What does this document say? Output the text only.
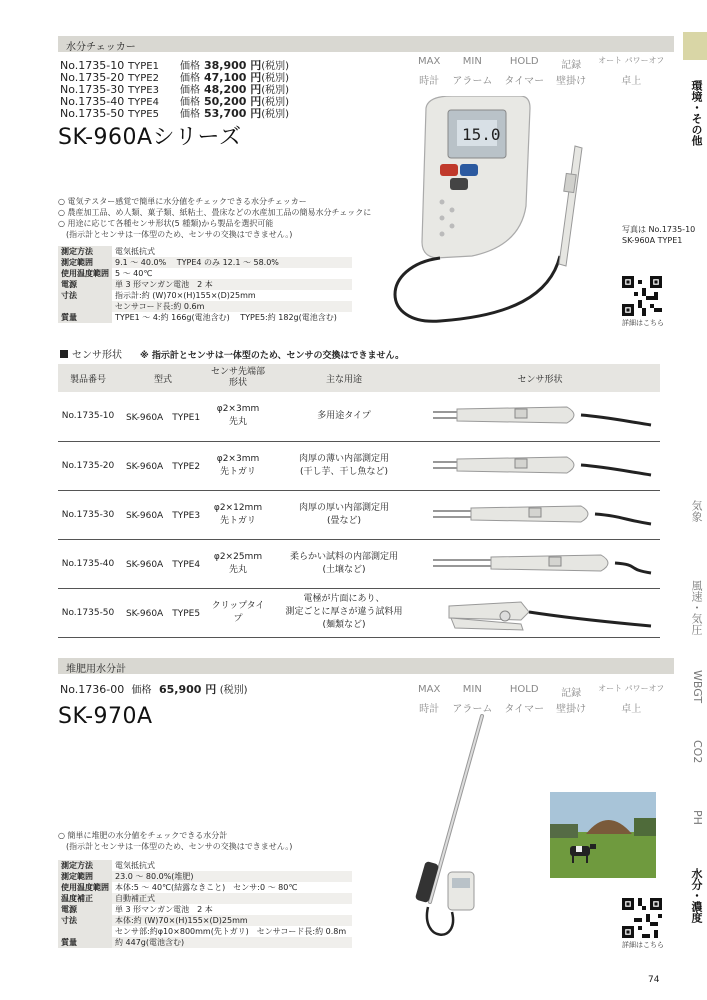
水分チェッカー
No.1735-10 TYPE1 価格 38,900 円(税別)
No.1735-20 TYPE2 価格 47,100 円(税別)
No.1735-30 TYPE3 価格 48,200 円(税別)
No.1735-40 TYPE4 価格 50,200 円(税別)
No.1735-50 TYPE5 価格 53,700 円(税別)
MAX	MIN	HOLD	記録	オート パワーオフ
時計 アラーム タイマー 壁掛け	卓上
SK-960Aシリーズ	15.0
○ 電気テスター感覚で簡単に水分値をチェックできる水分チェッカー
○ 農産加工品、め⼈類、菓子類、紙粘土、畳床などの水産加工品の簡易水分チェックに
○ 用途に応じて各種センサ形状(5 種類)から製品を選択可能
　(指示計とセンサは一体型のため、センサの交換はできません。)
測定方法	電気抵抗式
測定範囲	9.1 ～ 40.0%　 TYPE4 のみ 12.1 ～ 58.0%
使用温度範囲	5 ～ 40℃
電源	単 3 形マンガン電池　2 本
寸法	指示計:約 (W)70×(H)155×(D)25mm
	センサコード長:約 0.6m
質量	TYPE1 ～ 4:約 166g(電池含む)　 TYPE5:約 182g(電池含む)
写真は No.1735-10
SK-960A TYPE1
詳細はこちら
センサ形状 ※ 指示計とセンサは一体型のため、センサの交換はできません。
製品番号	型式	センサ先端部
形状	主な用途	センサ形状
No.1735-10	SK-960A　TYPE1	φ2×3mm
先丸	多用途タイプ	

No.1735-20	SK-960A　TYPE2	φ2×3mm
先トガリ	肉厚の薄い内部測定用
(干し芋、干し魚など)	

No.1735-30	SK-960A　TYPE3	φ2×12mm
先トガリ	肉厚の厚い内部測定用
(畳など)	

No.1735-40	SK-960A　TYPE4	φ2×25mm
先丸	柔らかい試料の内部測定用
(土壌など)	

No.1735-50	SK-960A　TYPE5	クリップタイプ	電極が片面にあり、
測定ごとに厚さが違う試料用
(麺類など)	
堆肥用水分計
No.1736-00 価格 65,900 円 (税別)	MAX	MIN	HOLD	記録	オート パワーオフ
時計 アラーム タイマー 壁掛け	卓上
SK-970A
○ 簡単に堆肥の水分値をチェックできる水分計
　(指示計とセンサは一体型のため、センサの交換はできません。)
測定方法	電気抵抗式
測定範囲	23.0 ～ 80.0%(堆肥)
使用温度範囲	本体:5 ～ 40℃(結露なきこと)　センサ:0 ～ 80℃
温度補正	自動補正式
電源	単 3 形マンガン電池　2 本
寸法	本体:約 (W)70×(H)155×(D)25mm
	センサ部:約φ10×800mm(先トガリ)　センサコード長:約 0.8m
質量	約 447g(電池含む)	詳細はこちら
環境・その他
気象
風速・気圧
WBGT
CO2
PH
水分・濃度
74
